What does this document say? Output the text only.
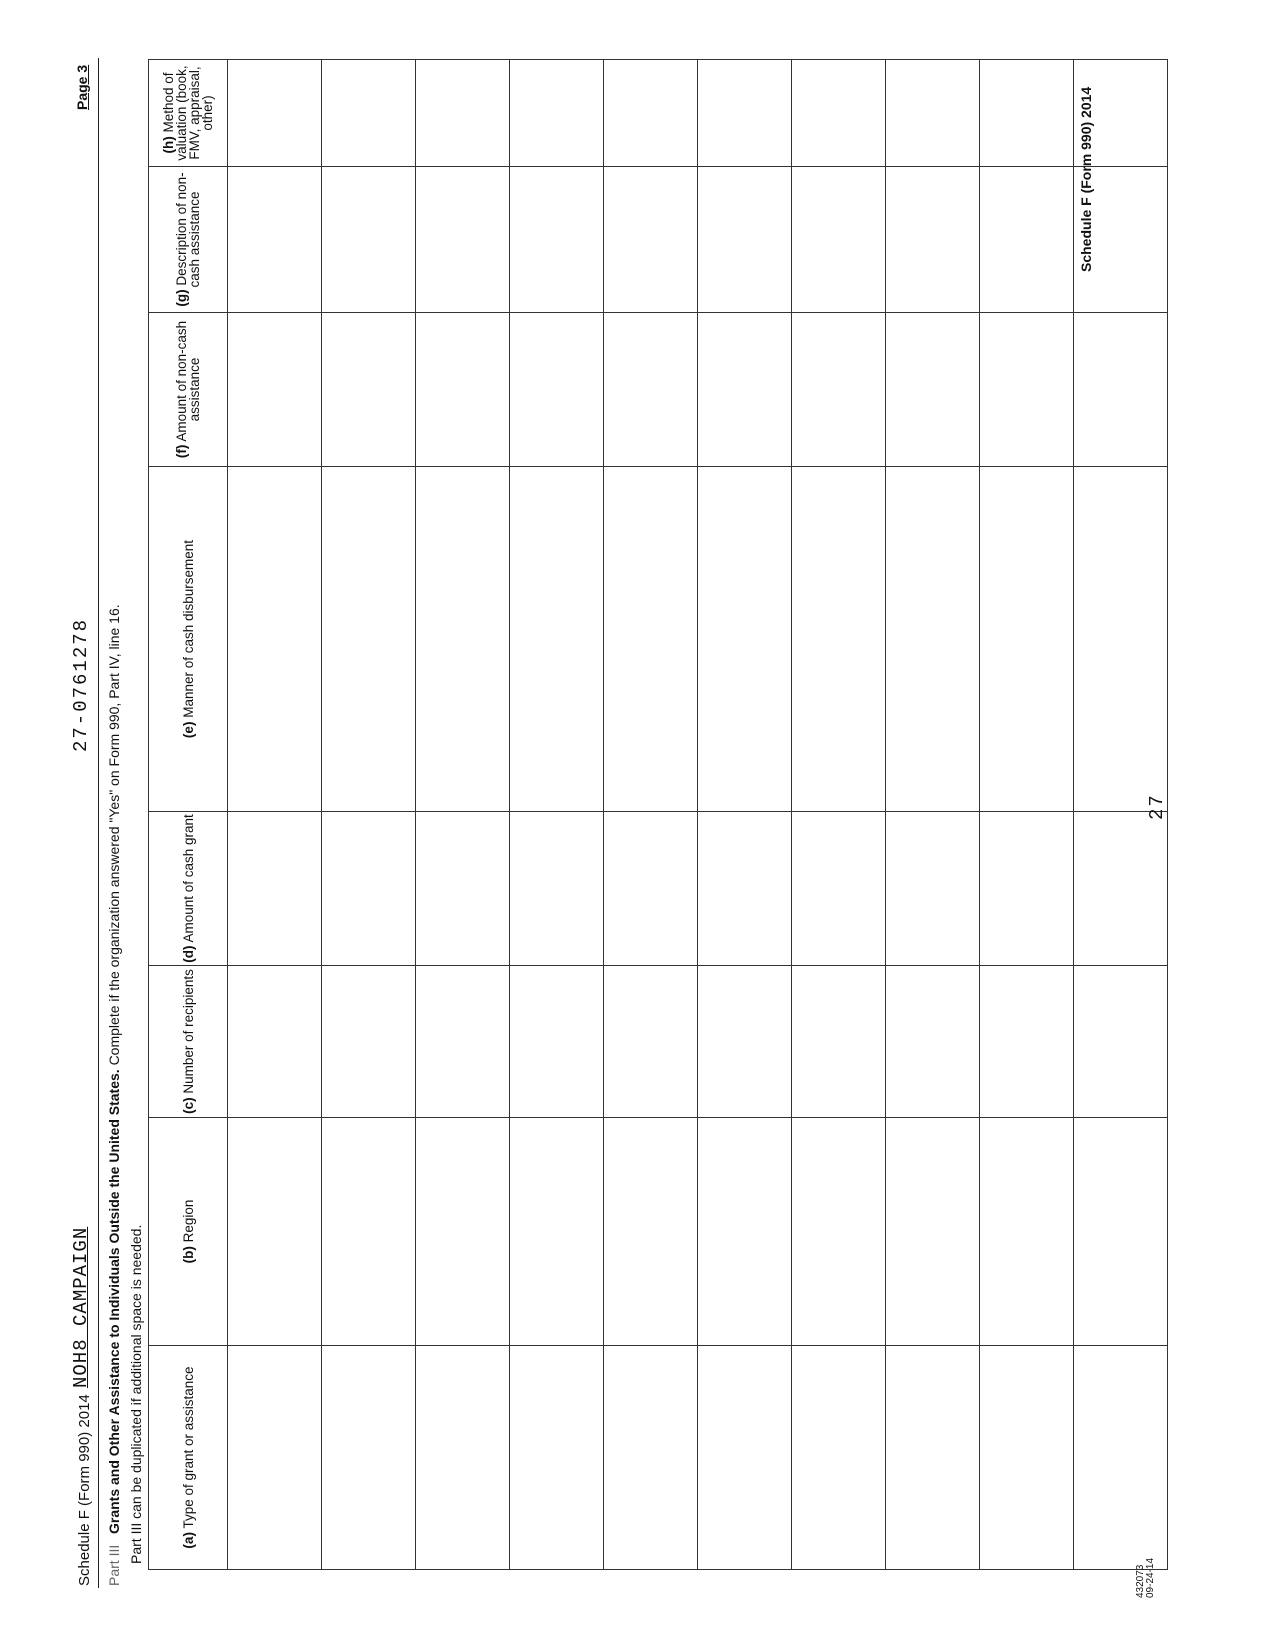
Schedule F (Form 990) 2014
NOH8 CAMPAIGN
27-0761278
Page 3
Part III
Grants and Other Assistance to Individuals Outside the United States. Complete if the organization answered "Yes" on Form 990, Part IV, line 16.
Part III can be duplicated if additional space is needed.	(a) Type of grant or assistance	(b) Region	(c) Number of recipients	(d) Amount of cash grant	(e) Manner of cash disbursement	(f) Amount of non-cash assistance	(g) Description of non-cash assistance	(h) Method of valuation (book, FMV, appraisal, other)

27
Schedule F (Form 990) 2014
432073 09-24-14
